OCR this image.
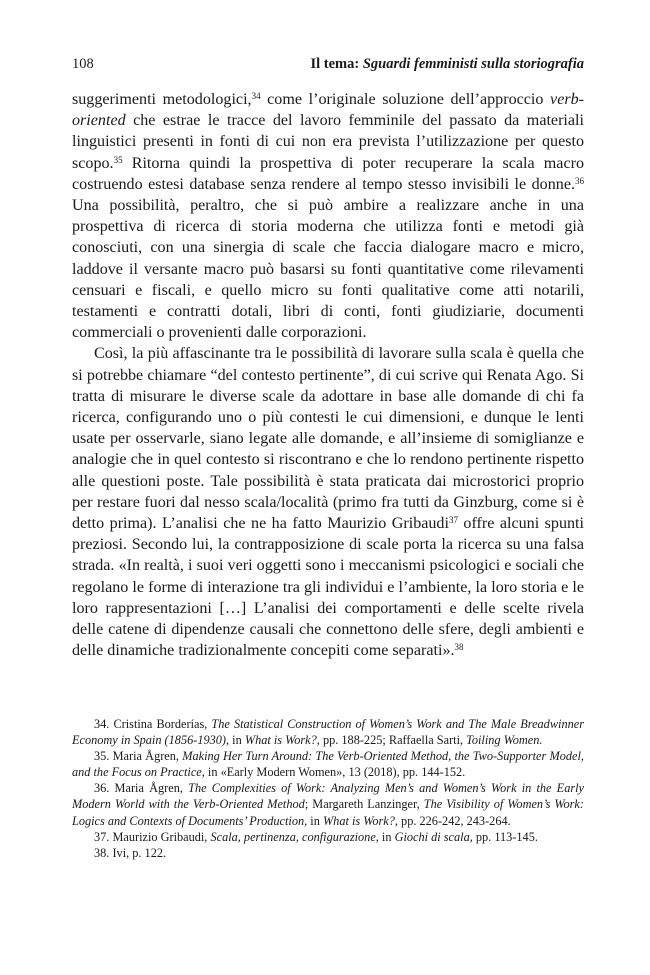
108	Il tema: Sguardi femministi sulla storiografia

suggerimenti metodologici,$^{34}$ come l’originale soluzione dell’approccio verb-oriented che estrae le tracce del lavoro femminile del passato da materiali linguistici presenti in fonti di cui non era prevista l’utilizzazione per questo scopo.$^{35}$ Ritorna quindi la prospettiva di poter recuperare la scala macro costruendo estesi database senza rendere al tempo stesso invisibili le donne.$^{36}$ Una possibilità, peraltro, che si può ambire a realizzare anche in una prospettiva di ricerca di storia moderna che utilizza fonti e metodi già conosciuti, con una sinergia di scale che faccia dialogare macro e micro, laddove il versante macro può basarsi su fonti quantitative come rilevamenti censuari e fiscali, e quello micro su fonti qualitative come atti notarili, testamenti e contratti dotali, libri di conti, fonti giudiziarie, documenti commerciali o provenienti dalle corporazioni.

Così, la più affascinante tra le possibilità di lavorare sulla scala è quella che si potrebbe chiamare “del contesto pertinente”, di cui scrive qui Renata Ago. Si tratta di misurare le diverse scale da adottare in base alle domande di chi fa ricerca, configurando uno o più contesti le cui dimensioni, e dunque le lenti usate per osservarle, siano legate alle domande, e all’insieme di somiglianze e analogie che in quel contesto si riscontrano e che lo rendono pertinente rispetto alle questioni poste. Tale possibilità è stata praticata dai microstorici proprio per restare fuori dal nesso scala/località (primo fra tutti da Ginzburg, come si è detto prima). L’analisi che ne ha fatto Maurizio Gribaudi$^{37}$ offre alcuni spunti preziosi. Secondo lui, la contrapposizione di scale porta la ricerca su una falsa strada. «In realtà, i suoi veri oggetti sono i meccanismi psicologici e sociali che regolano le forme di interazione tra gli individui e l’ambiente, la loro storia e le loro rappresentazioni […] L’analisi dei comportamenti e delle scelte rivela delle catene di dipendenze causali che connettono delle sfere, degli ambienti e delle dinamiche tradizionalmente concepiti come separati».$^{38}$

34. Cristina Borderías, The Statistical Construction of Women’s Work and The Male Breadwinner Economy in Spain (1856-1930), in What is Work?, pp. 188-225; Raffaella Sarti, Toiling Women.

35. Maria Ågren, Making Her Turn Around: The Verb-Oriented Method, the Two-Supporter Model, and the Focus on Practice, in «Early Modern Women», 13 (2018), pp. 144-152.

36. Maria Ågren, The Complexities of Work: Analyzing Men’s and Women’s Work in the Early Modern World with the Verb-Oriented Method; Margareth Lanzinger, The Visibility of Women’s Work: Logics and Contexts of Documents’ Production, in What is Work?, pp. 226-242, 243-264.

37. Maurizio Gribaudi, Scala, pertinenza, configurazione, in Giochi di scala, pp. 113-145.

38. Ivi, p. 122.
